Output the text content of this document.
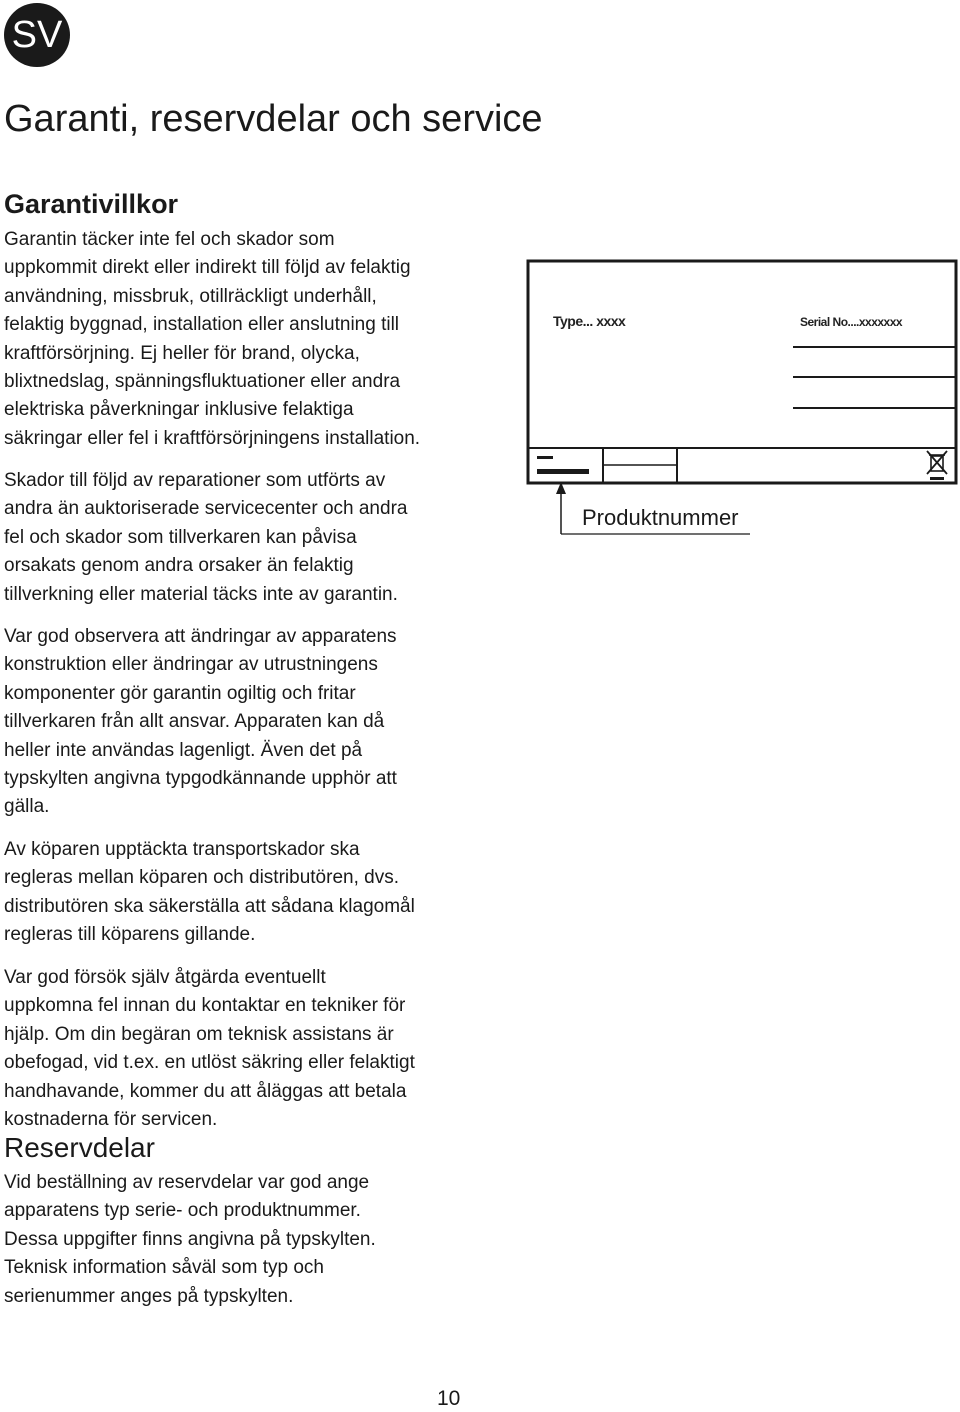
SV
Garanti, reservdelar och service
Garantivillkor

Garantin täcker inte fel och skador som
uppkommit direkt eller indirekt till följd av felaktig
användning, missbruk, otillräckligt underhåll,
felaktig byggnad, installation eller anslutning till
kraftförsörjning. Ej heller för brand, olycka,
blixtnedslag, spänningsfluktuationer eller andra
elektriska påverkningar inklusive felaktiga
säkringar eller fel i kraftförsörjningens installation.

Skador till följd av reparationer som utförts av
andra än auktoriserade servicecenter och andra
fel och skador som tillverkaren kan påvisa
orsakats genom andra orsaker än felaktig
tillverkning eller material täcks inte av garantin.

Var god observera att ändringar av apparatens
konstruktion eller ändringar av utrustningens
komponenter gör garantin ogiltig och fritar
tillverkaren från allt ansvar. Apparaten kan då
heller inte användas lagenligt. Även det på
typskylten angivna typgodkännande upphör att
gälla.

Av köparen upptäckta transportskador ska
regleras mellan köparen och distributören, dvs.
distributören ska säkerställa att sådana klagomål
regleras till köparens gillande.

Var god försök själv åtgärda eventuellt
uppkomna fel innan du kontaktar en tekniker för
hjälp. Om din begäran om teknisk assistans är
obefogad, vid t.ex. en utlöst säkring eller felaktigt
handhavande, kommer du att åläggas att betala
kostnaderna för servicen.

Reservdelar

Vid beställning av reservdelar var god ange
apparatens typ serie- och produktnummer.
Dessa uppgifter finns angivna på typskylten.
Teknisk information såväl som typ och
serienummer anges på typskylten.

Type... xxxx	Serial No....xxxxxxx
Produktnummer
10
